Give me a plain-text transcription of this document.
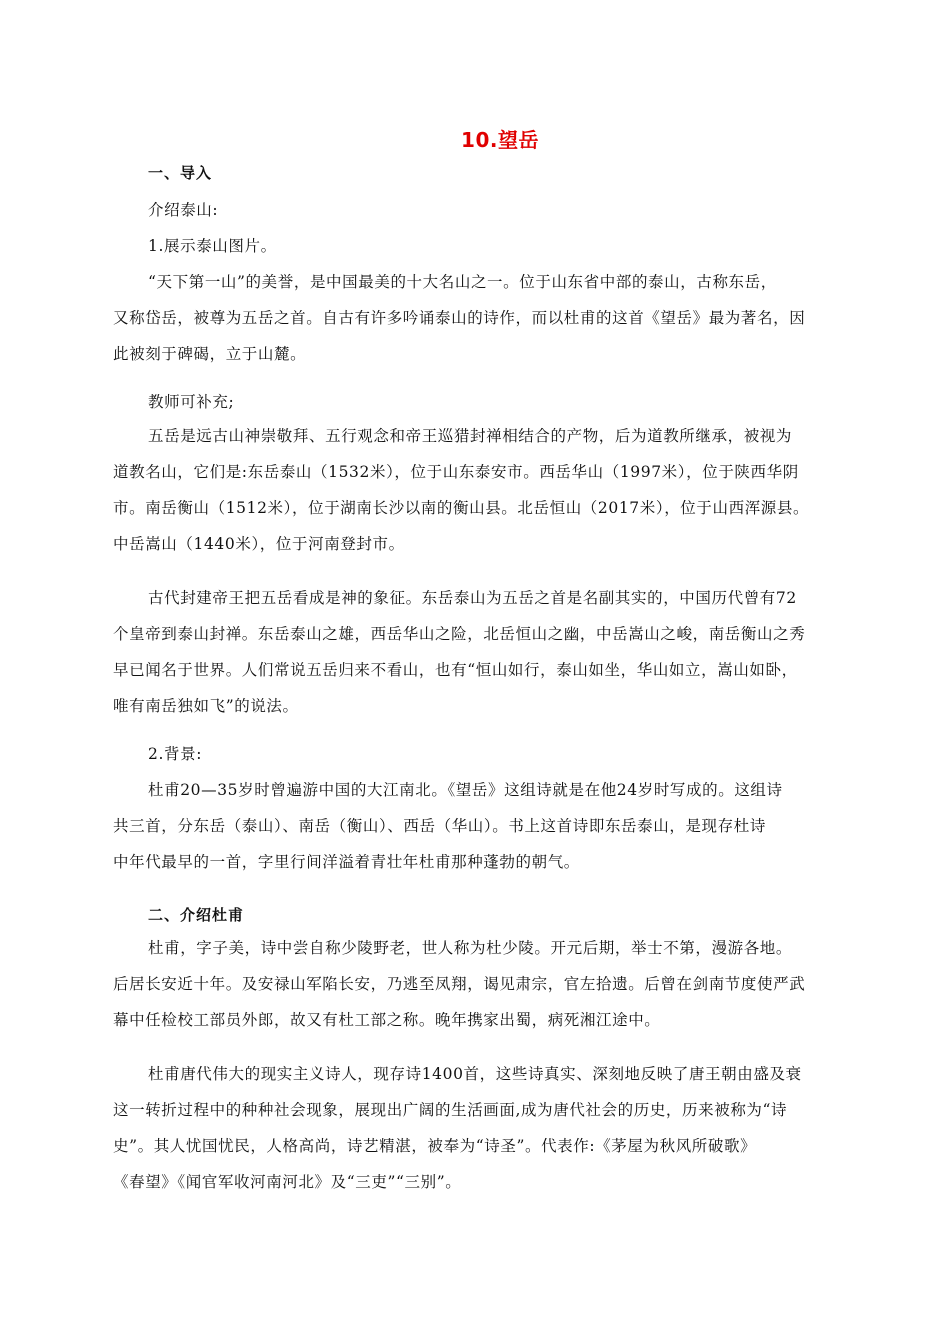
10.望岳
一、导入
介绍泰山:
1.展示泰山图片。
“天下第一山”的美誉，是中国最美的十大名山之一。位于山东省中部的泰山，古称东岳，
又称岱岳，被尊为五岳之首。自古有许多吟诵泰山的诗作，而以杜甫的这首《望岳》最为著名，因
此被刻于碑碣，立于山麓。
教师可补充;
五岳是远古山神崇敬拜、五行观念和帝王巡猎封禅相结合的产物，后为道教所继承，被视为
道教名山，它们是:东岳泰山（1532米），位于山东泰安市。西岳华山（1997米），位于陕西华阴
市。南岳衡山（1512米），位于湖南长沙以南的衡山县。北岳恒山（2017米），位于山西浑源县。
中岳嵩山（1440米），位于河南登封市。
古代封建帝王把五岳看成是神的象征。东岳泰山为五岳之首是名副其实的，中国历代曾有72
个皇帝到泰山封禅。东岳泰山之雄，西岳华山之险，北岳恒山之幽，中岳嵩山之峻，南岳衡山之秀
早已闻名于世界。人们常说五岳归来不看山，也有“恒山如行，泰山如坐，华山如立，嵩山如卧，
唯有南岳独如飞”的说法。
2.背景:
杜甫20—35岁时曾遍游中国的大江南北。《望岳》这组诗就是在他24岁时写成的。这组诗
共三首，分东岳（泰山）、南岳（衡山）、西岳（华山）。书上这首诗即东岳泰山，是现存杜诗
中年代最早的一首，字里行间洋溢着青壮年杜甫那种蓬勃的朝气。
二、介绍杜甫
杜甫，字子美，诗中尝自称少陵野老，世人称为杜少陵。开元后期，举士不第，漫游各地。
后居长安近十年。及安禄山军陷长安，乃逃至凤翔，谒见肃宗，官左拾遗。后曾在剑南节度使严武
幕中任检校工部员外郎，故又有杜工部之称。晚年携家出蜀，病死湘江途中。
杜甫唐代伟大的现实主义诗人，现存诗1400首，这些诗真实、深刻地反映了唐王朝由盛及衰
这一转折过程中的种种社会现象，展现出广阔的生活画面,成为唐代社会的历史，历来被称为“诗
史”。其人忧国忧民，人格高尚，诗艺精湛，被奉为“诗圣”。代表作:《茅屋为秋风所破歌》
《春望》《闻官军收河南河北》及“三吏”“三别”。
